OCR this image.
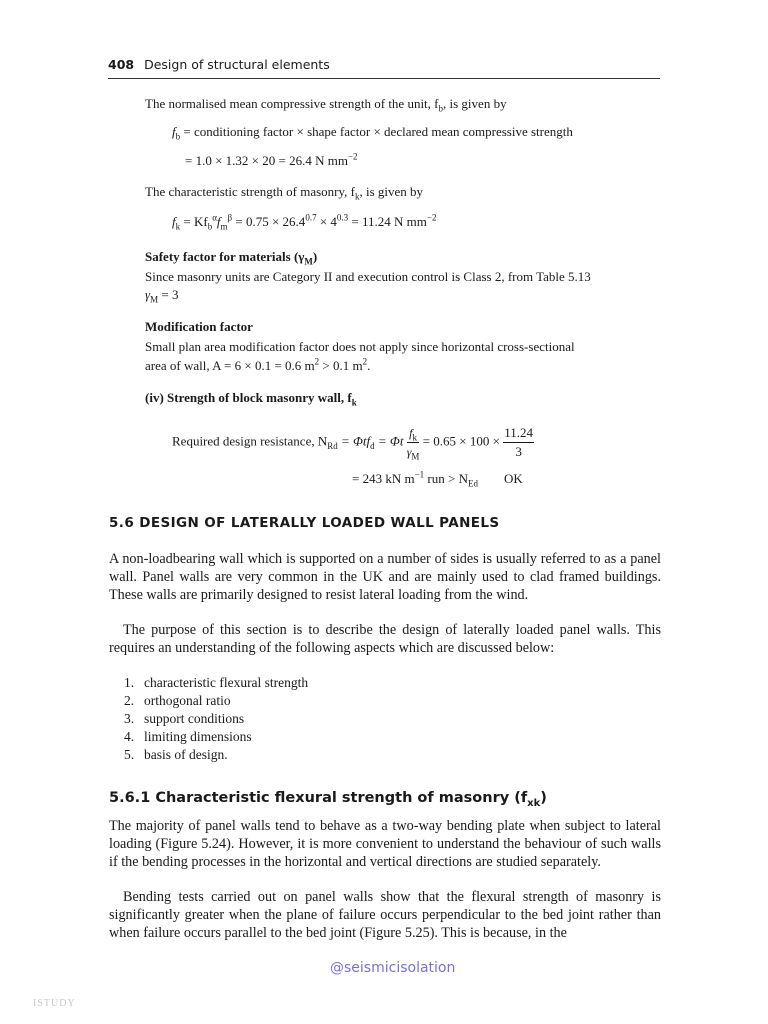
408 Design of structural elements
The normalised mean compressive strength of the unit, $f_b$, is given by
$f_b$ = conditioning factor × shape factor × declared mean compressive strength
= 1.0 × 1.32 × 20 = 26.4 N $mm^{-2}$
The characteristic strength of masonry, $f_k$, is given by
$f_k = Kf_b^\alpha f_m^\beta = 0.75 \times 26.4^{0.7} \times 4^{0.3} = 11.24$ N $mm^{-2}$
Safety factor for materials $(\gamma_M)$
Since masonry units are Category II and execution control is Class 2, from Table 5.13
$\gamma_M = 3$
Modification factor
Small plan area modification factor does not apply since horizontal cross-sectional
area of wall, A = 6 × 0.1 = 0.6 $m^2 > 0.1$ $m^2$.
(iv) Strength of block masonry wall, $f_k$
Required design resistance, $N_{Rd} = \Phi tf_d = \Phi t \frac{f_k}{\gamma_M} = 0.65 \times 100 \times \frac{11.24}{3}$
= 243 kN $m^{-1}$ run > $N_{Ed}$ OK
5.6 DESIGN OF LATERALLY LOADED WALL PANELS
A non-loadbearing wall which is supported on a number of sides is usually referred to as a panel wall. Panel walls are very common in the UK and are mainly used to clad framed buildings. These walls are primarily designed to resist lateral loading from the wind.
The purpose of this section is to describe the design of laterally loaded panel walls. This requires an understanding of the following aspects which are discussed below:
1. characteristic flexural strength
2. orthogonal ratio
3. support conditions
4. limiting dimensions
5. basis of design.
5.6.1 Characteristic flexural strength of masonry $(f_{xk})$
The majority of panel walls tend to behave as a two-way bending plate when subject to lateral loading (Figure 5.24). However, it is more convenient to understand the behaviour of such walls if the bending processes in the horizontal and vertical directions are studied separately.
Bending tests carried out on panel walls show that the flexural strength of masonry is significantly greater when the plane of failure occurs perpendicular to the bed joint rather than when failure occurs parallel to the bed joint (Figure 5.25). This is because, in the
@seismicisolation
ISTUDY
